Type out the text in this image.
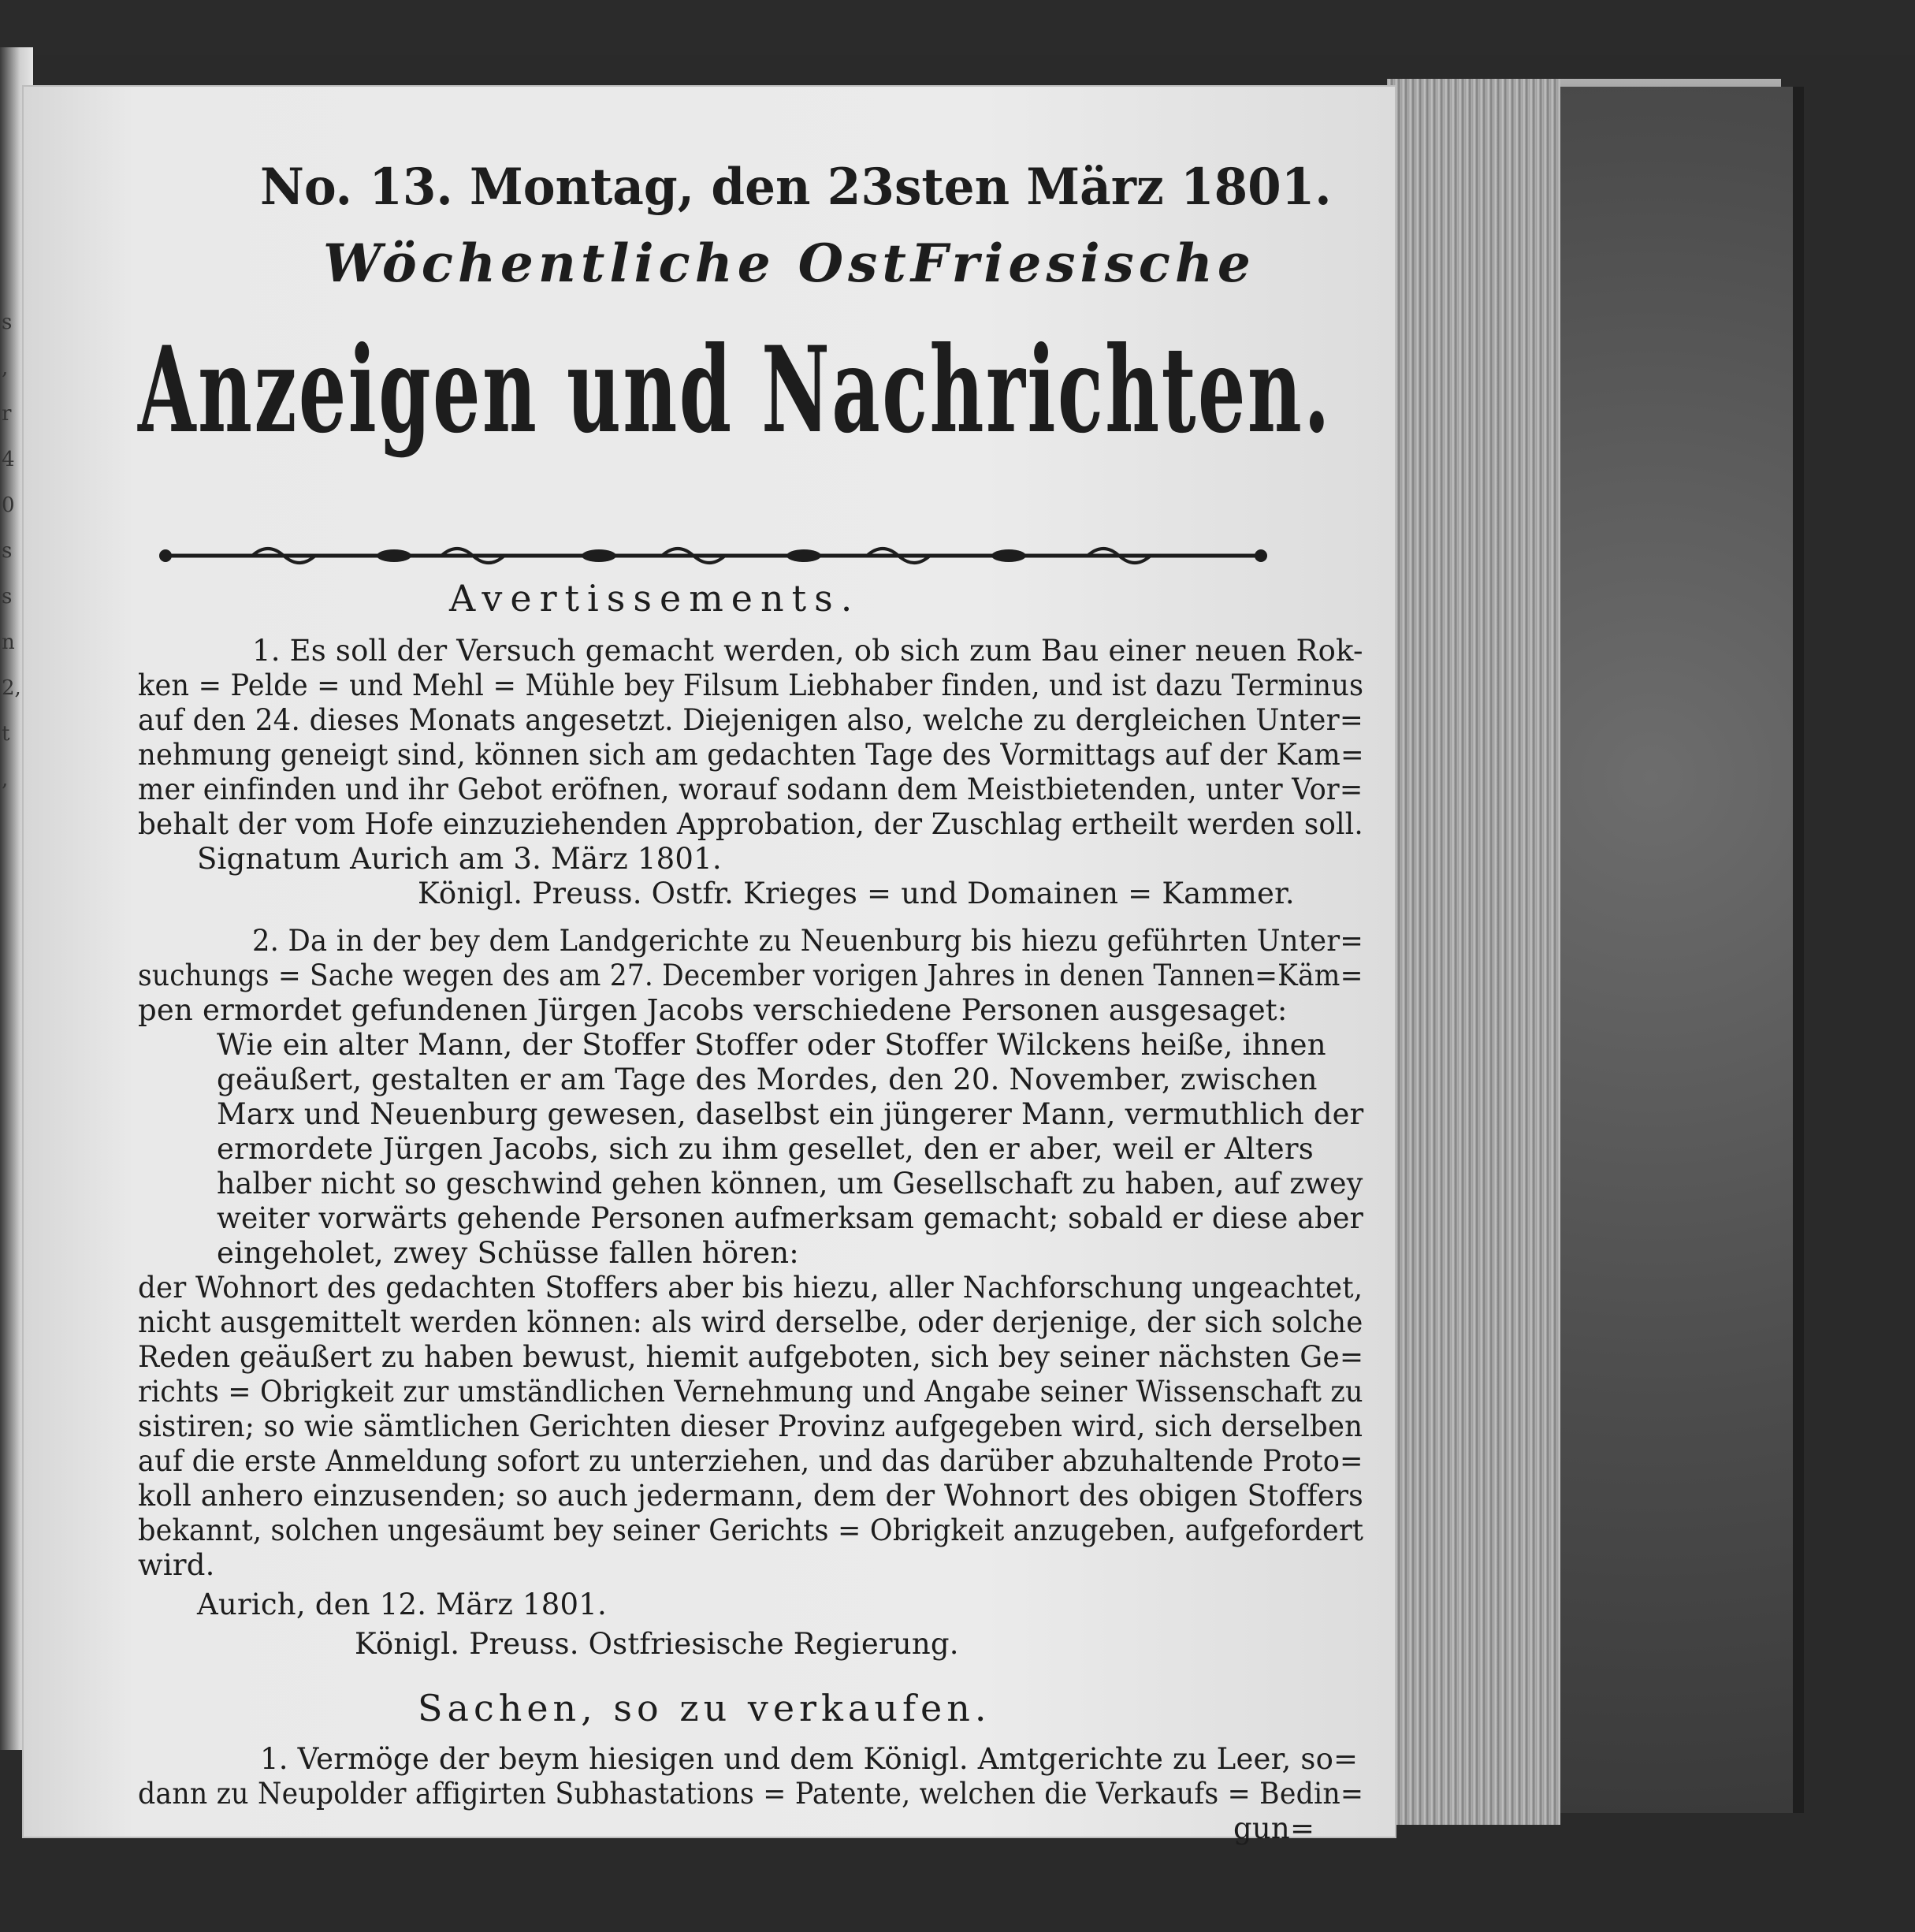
s
,
r
4
0
s
s
n
2,
t
,
No. 13. Montag, den 23sten März 1801.
Wöchentliche OstFriesische
Anzeigen und Nachrichten.
Avertissements.
1. Es soll der Versuch gemacht werden, ob sich zum Bau einer neuen Rok-
ken = Pelde = und Mehl = Mühle bey Filsum Liebhaber finden, und ist dazu Terminus
auf den 24. dieses Monats angesetzt. Diejenigen also, welche zu dergleichen Unter=
nehmung geneigt sind, können sich am gedachten Tage des Vormittags auf der Kam=
mer einfinden und ihr Gebot eröfnen, worauf sodann dem Meistbietenden, unter Vor=
behalt der vom Hofe einzuziehenden Approbation, der Zuschlag ertheilt werden soll.
Signatum Aurich am 3. März 1801.
Königl. Preuss. Ostfr. Krieges = und Domainen = Kammer.
2. Da in der bey dem Landgerichte zu Neuenburg bis hiezu geführten Unter=
suchungs = Sache wegen des am 27. December vorigen Jahres in denen Tannen=Käm=
pen ermordet gefundenen Jürgen Jacobs verschiedene Personen ausgesaget:
Wie ein alter Mann, der Stoffer Stoffer oder Stoffer Wilckens heiße, ihnen
geäußert, gestalten er am Tage des Mordes, den 20. November, zwischen
Marx und Neuenburg gewesen, daselbst ein jüngerer Mann, vermuthlich der
ermordete Jürgen Jacobs, sich zu ihm gesellet, den er aber, weil er Alters
halber nicht so geschwind gehen können, um Gesellschaft zu haben, auf zwey
weiter vorwärts gehende Personen aufmerksam gemacht; sobald er diese aber
eingeholet, zwey Schüsse fallen hören:
der Wohnort des gedachten Stoffers aber bis hiezu, aller Nachforschung ungeachtet,
nicht ausgemittelt werden können: als wird derselbe, oder derjenige, der sich solche
Reden geäußert zu haben bewust, hiemit aufgeboten, sich bey seiner nächsten Ge=
richts = Obrigkeit zur umständlichen Vernehmung und Angabe seiner Wissenschaft zu
sistiren; so wie sämtlichen Gerichten dieser Provinz aufgegeben wird, sich derselben
auf die erste Anmeldung sofort zu unterziehen, und das darüber abzuhaltende Proto=
koll anhero einzusenden; so auch jedermann, dem der Wohnort des obigen Stoffers
bekannt, solchen ungesäumt bey seiner Gerichts = Obrigkeit anzugeben, aufgefordert
wird.
Aurich, den 12. März 1801.
Königl. Preuss. Ostfriesische Regierung.
Sachen, so zu verkaufen.
1. Vermöge der beym hiesigen und dem Königl. Amtgerichte zu Leer, so=
dann zu Neupolder affigirten Subhastations = Patente, welchen die Verkaufs = Bedin=
gun=
